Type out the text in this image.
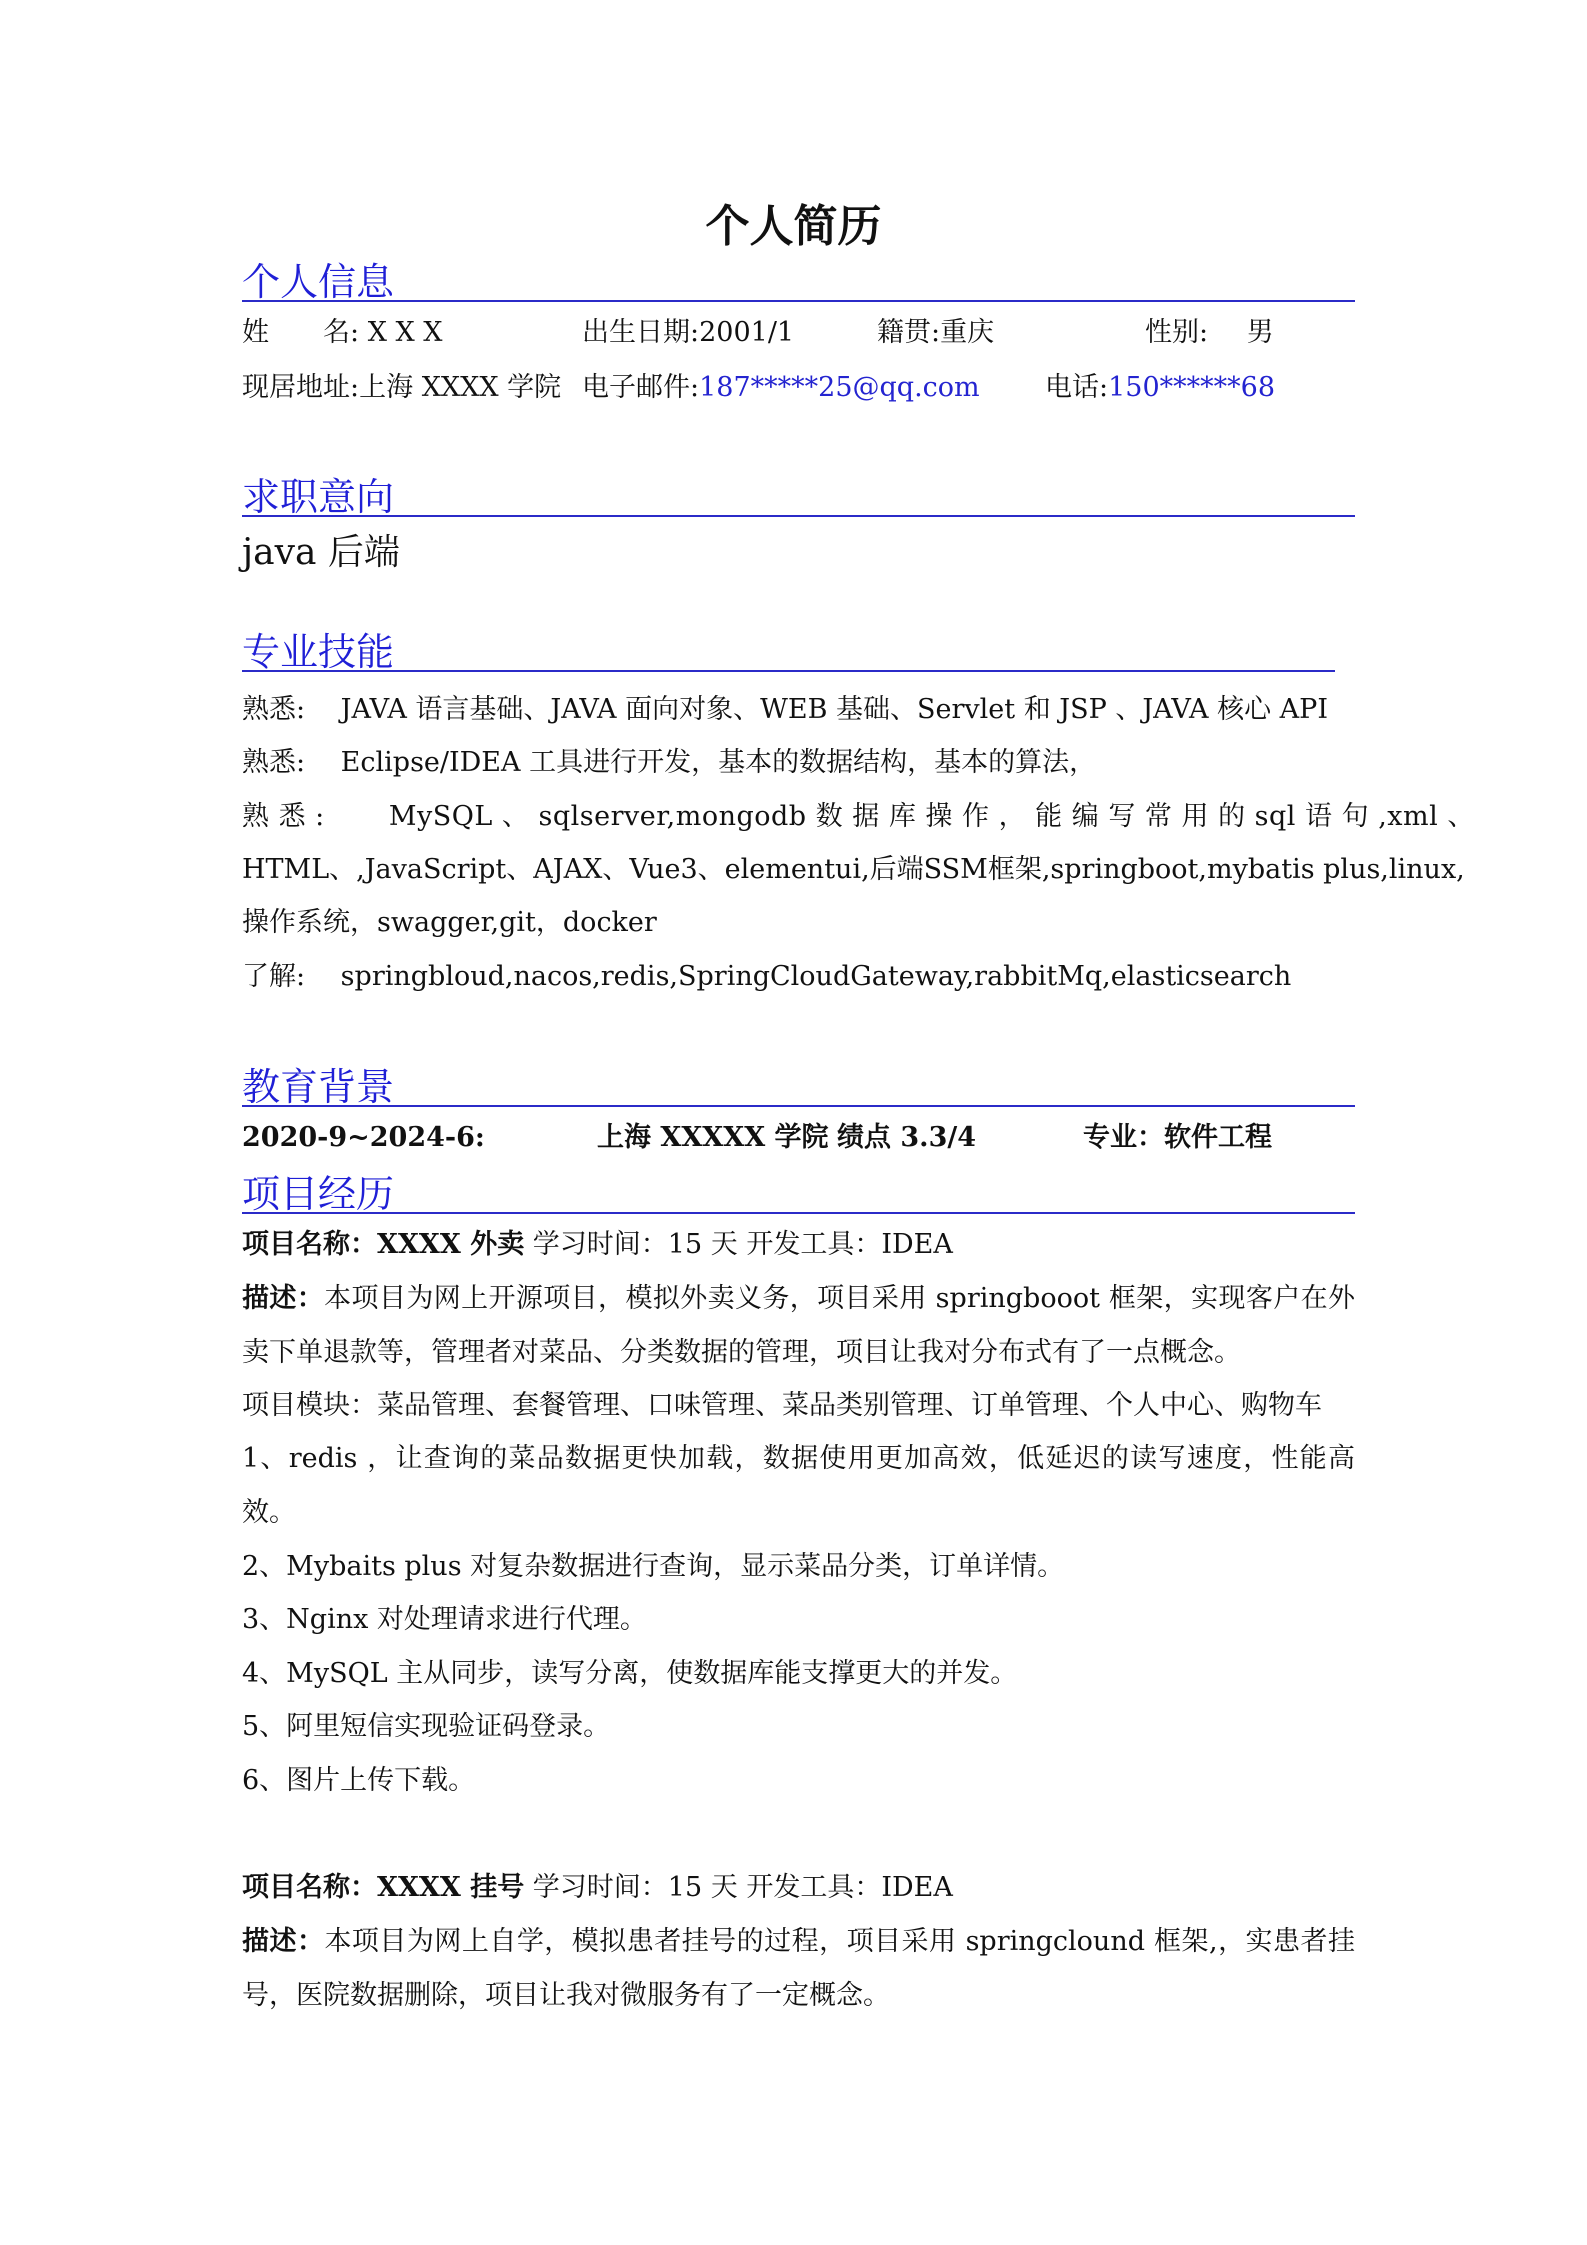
个人简历
个人信息
姓　　名: X X X	出生日期:2001/1	籍贯:重庆	性别: 男
现居地址:上海 XXXX 学院 电子邮件:187*****25@qq.com 电话:150******68
求职意向
java 后端
专业技能
熟悉:　 JAVA 语言基础、JAVA 面向对象、WEB 基础、Servlet 和 JSP 、JAVA 核心 API
熟悉:　 Eclipse/IDEA 工具进行开发，基本的数据结构，基本的算法，
熟 悉 :　　 MySQL 、 sqlserver,mongodb 数 据 库 操 作 ， 能 编 写 常 用 的 sql 语 句 ,xml 、
HTML、,JavaScript、AJAX、Vue3、elementui,后端SSM框架,springboot,mybatis plus,linux,
操作系统，swagger,git，docker
了解:　 springbloud,nacos,redis,SpringCloudGateway,rabbitMq,elasticsearch
教育背景
2020-9~2024-6:	上海 XXXXX 学院 绩点 3.3/4	专业：软件工程
项目经历
项目名称：XXXX 外卖 学习时间：15 天 开发工具：IDEA
描述：本项目为网上开源项目，模拟外卖义务，项目采用 springbooot 框架，实现客户在外卖下单退款等，管理者对菜品、分类数据的管理，项目让我对分布式有了一点概念。
项目模块：菜品管理、套餐管理、口味管理、菜品类别管理、订单管理、个人中心、购物车
1、redis ，让查询的菜品数据更快加载，数据使用更加高效，低延迟的读写速度，性能高效。
2、Mybaits plus 对复杂数据进行查询，显示菜品分类，订单详情。
3、Nginx 对处理请求进行代理。
4、MySQL 主从同步，读写分离，使数据库能支撑更大的并发。
5、阿里短信实现验证码登录。
6、图片上传下载。
项目名称：XXXX 挂号 学习时间：15 天 开发工具：IDEA
描述：本项目为网上自学，模拟患者挂号的过程，项目采用 springclound 框架,，实患者挂号，医院数据删除，项目让我对微服务有了一定概念。
